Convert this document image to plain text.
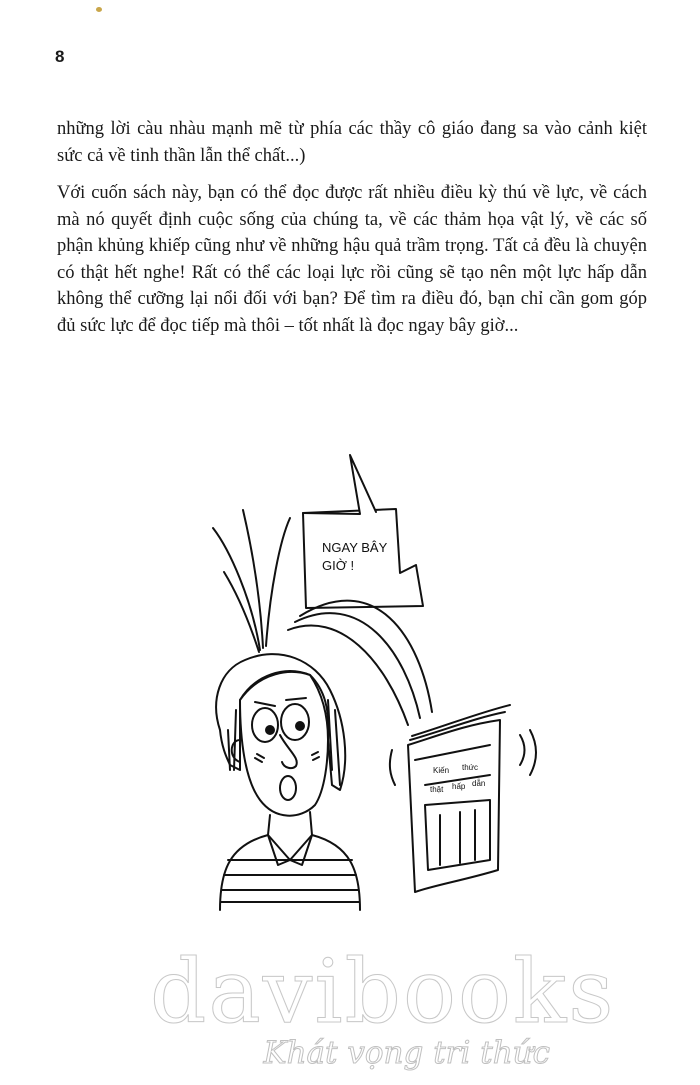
8

những lời càu nhàu mạnh mẽ từ phía các thầy cô giáo đang sa vào cảnh kiệt sức cả về tinh thần lẫn thể chất...)

Với cuốn sách này, bạn có thể đọc được rất nhiều điều kỳ thú về lực, về cách mà nó quyết định cuộc sống của chúng ta, về các thảm họa vật lý, về các số phận khủng khiếp cũng như về những hậu quả trầm trọng. Tất cả đều là chuyện có thật hết nghe! Rất có thể các loại lực rồi cũng sẽ tạo nên một lực hấp dẫn không thể cưỡng lại nổi đối với bạn? Để tìm ra điều đó, bạn chỉ cần gom góp đủ sức lực để đọc tiếp mà thôi – tốt nhất là đọc ngay bây giờ...

NGAY BÂY
GIỜ !
Kiến thức
thật hấp dẫn
davibooks
Khát vọng tri thức
